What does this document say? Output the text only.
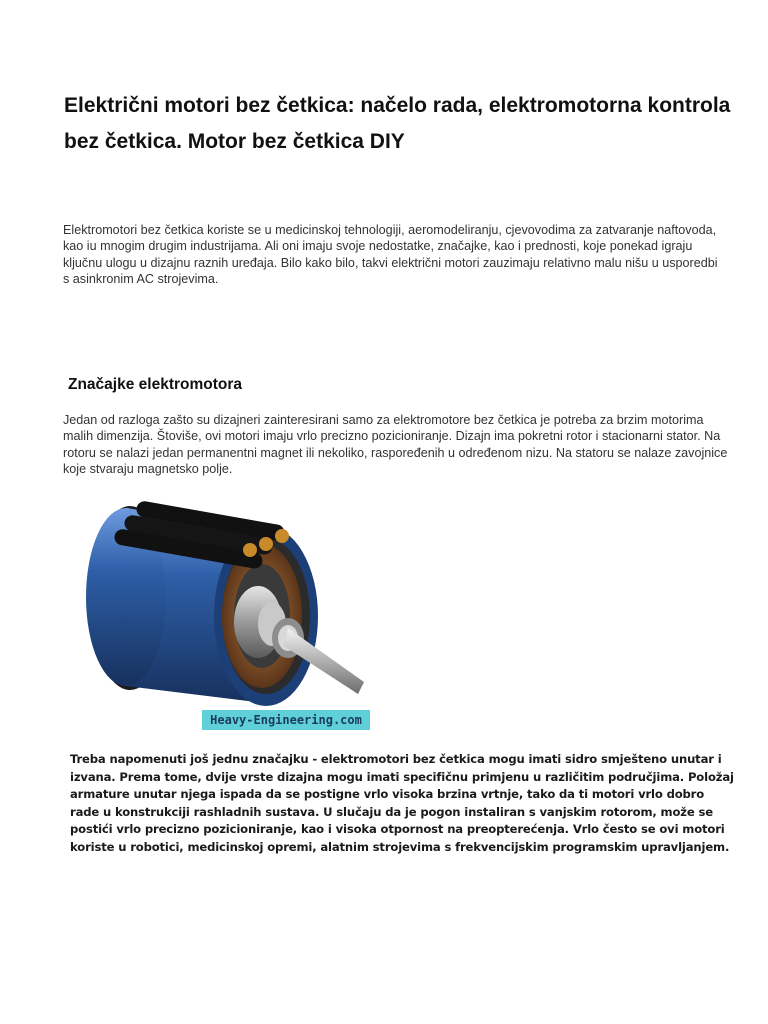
Električni motori bez četkica: načelo rada, elektromotorna kontrola bez četkica. Motor bez četkica DIY

Elektromotori bez četkica koriste se u medicinskoj tehnologiji, aeromodeliranju, cjevovodima za zatvaranje naftovoda, kao iu mnogim drugim industrijama. Ali oni imaju svoje nedostatke, značajke, kao i prednosti, koje ponekad igraju ključnu ulogu u dizajnu raznih uređaja. Bilo kako bilo, takvi električni motori zauzimaju relativno malu nišu u usporedbi s asinkronim AC strojevima.

Značajke elektromotora

Jedan od razloga zašto su dizajneri zainteresirani samo za elektromotore bez četkica je potreba za brzim motorima malih dimenzija. Štoviše, ovi motori imaju vrlo precizno pozicioniranje. Dizajn ima pokretni rotor i stacionarni stator. Na rotoru se nalazi jedan permanentni magnet ili nekoliko, raspoređenih u određenom nizu. Na statoru se nalaze zavojnice koje stvaraju magnetsko polje.

Heavy-Engineering.com

Treba napomenuti još jednu značajku - elektromotori bez četkica mogu imati sidro smješteno unutar i izvana. Prema tome, dvije vrste dizajna mogu imati specifičnu primjenu u različitim područjima. Položaj armature unutar njega ispada da se postigne vrlo visoka brzina vrtnje, tako da ti motori vrlo dobro rade u konstrukciji rashladnih sustava. U slučaju da je pogon instaliran s vanjskim rotorom, može se postići vrlo precizno pozicioniranje, kao i visoka otpornost na preopterećenja. Vrlo često se ovi motori koriste u robotici, medicinskoj opremi, alatnim strojevima s frekvencijskim programskim upravljanjem.
